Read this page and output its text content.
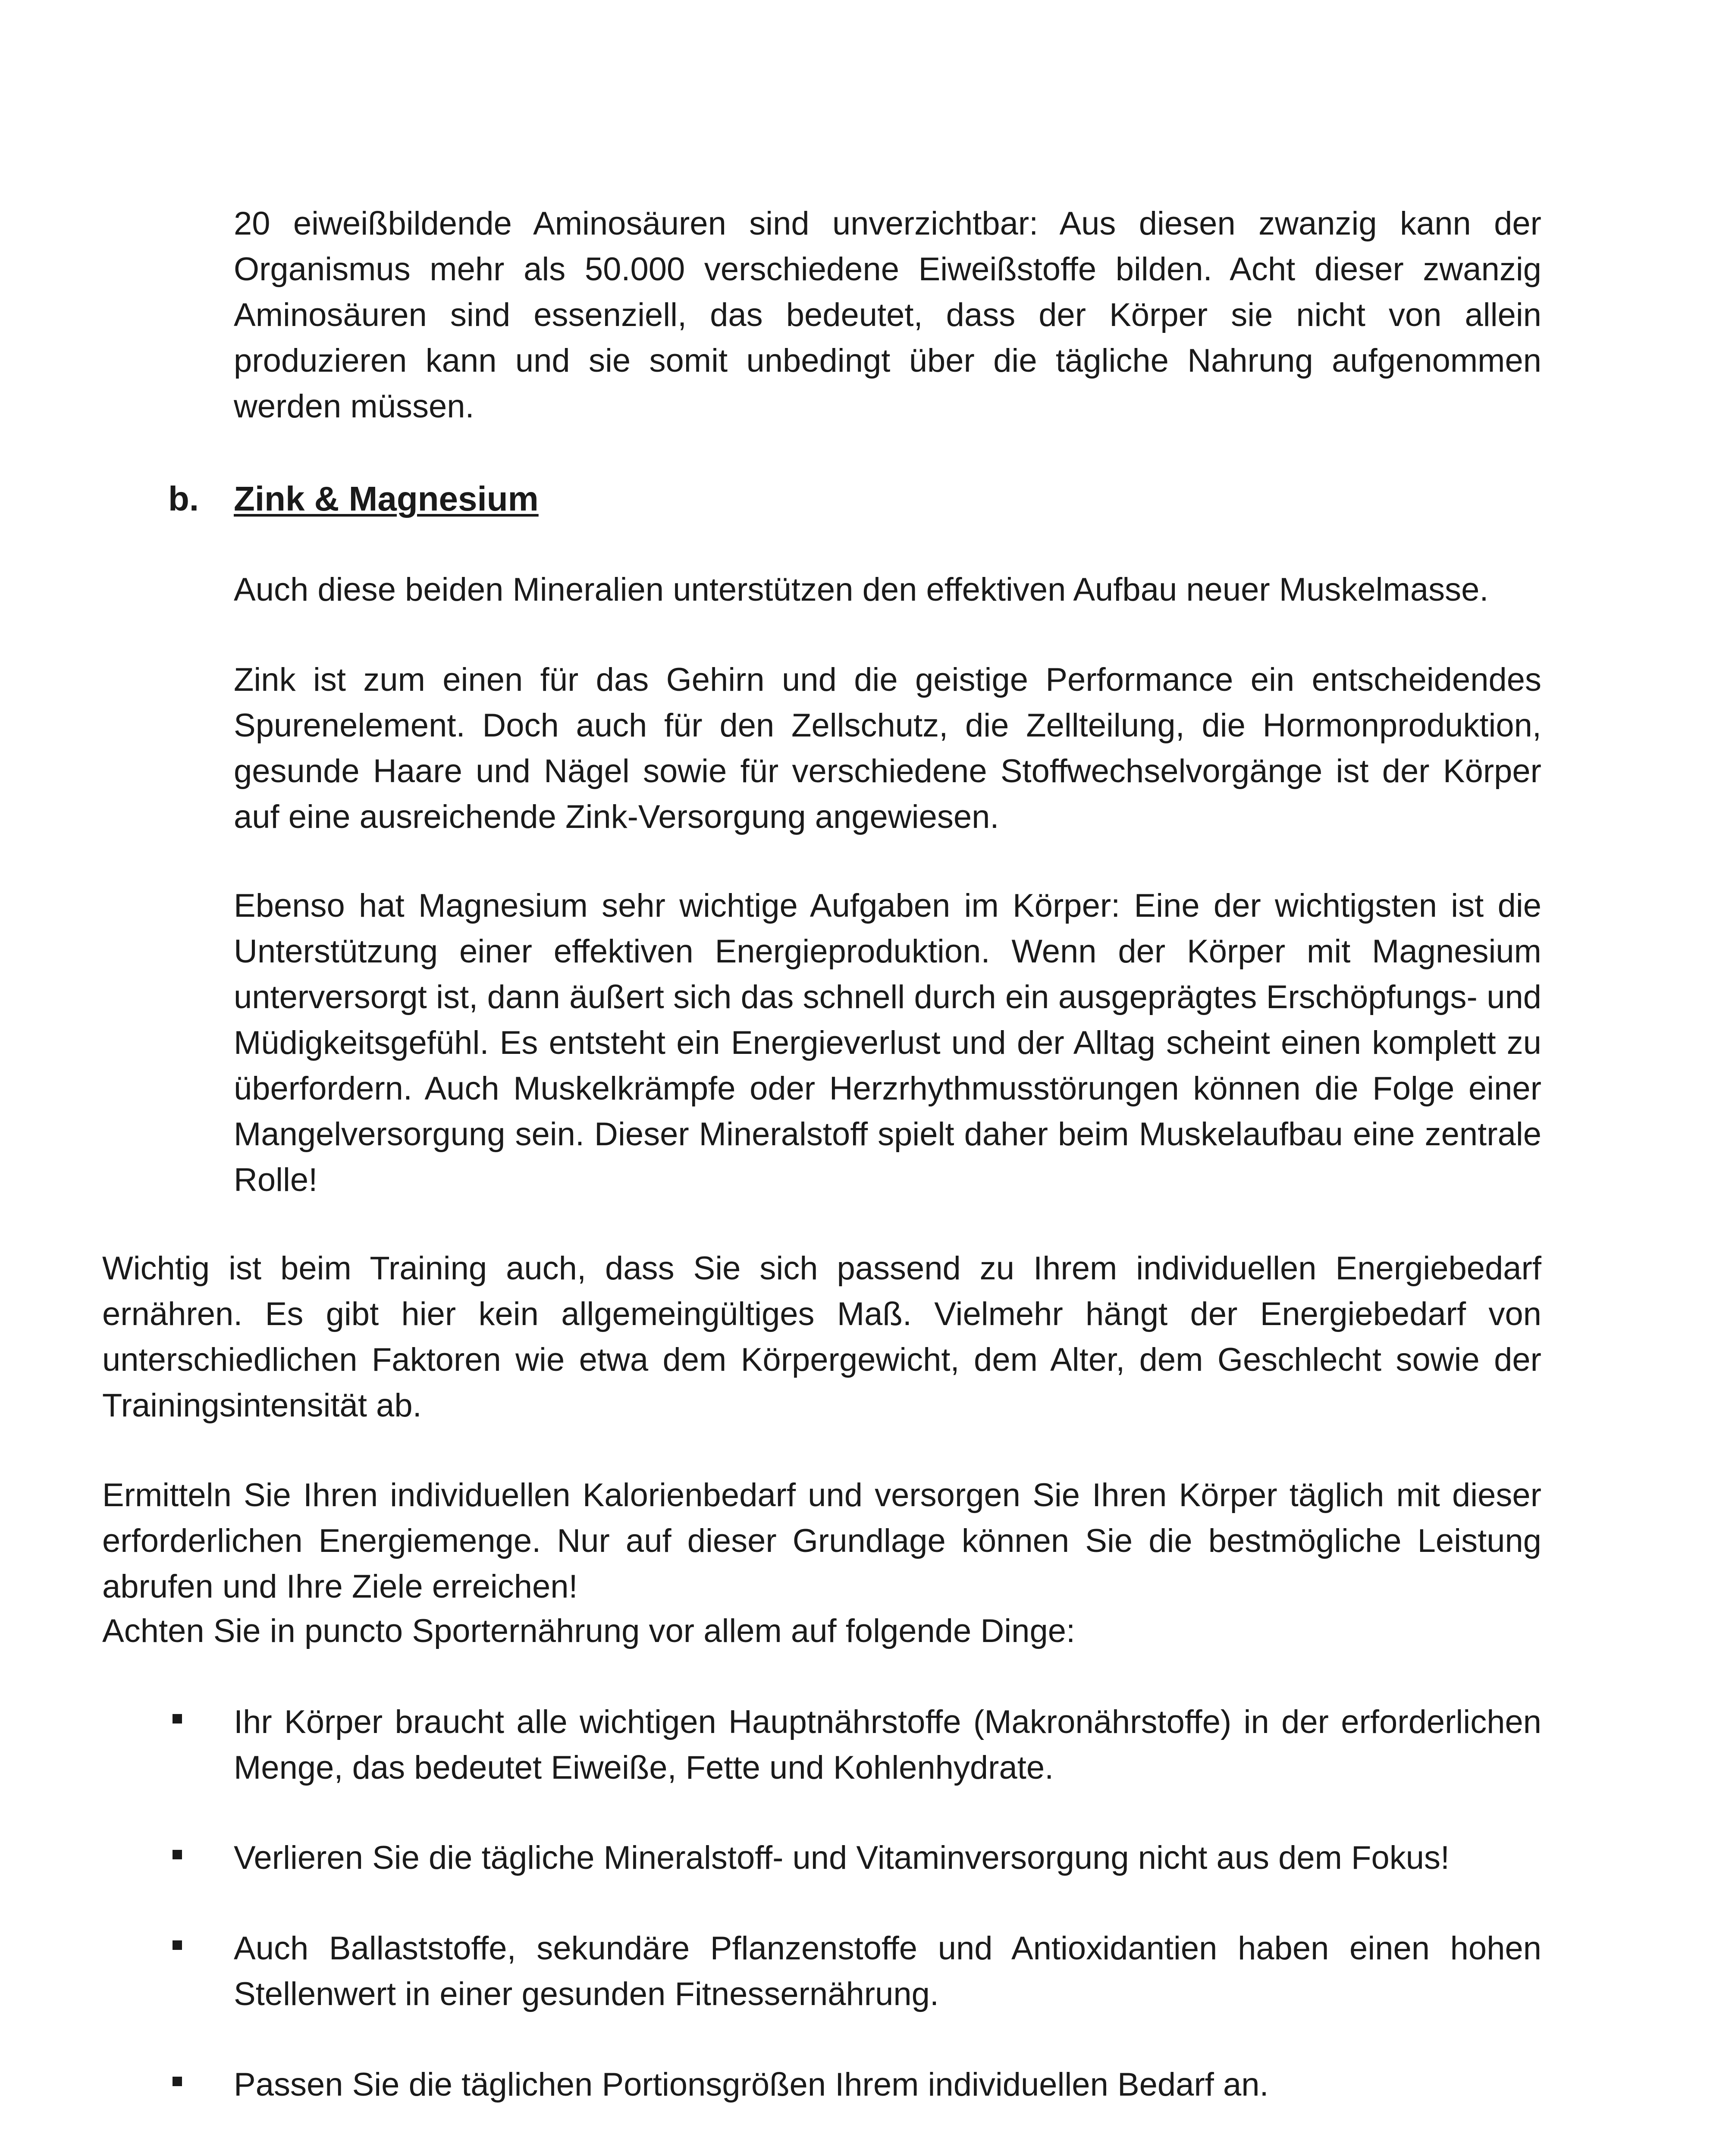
20 eiweißbildende Aminosäuren sind unverzichtbar: Aus diesen zwanzig kann der Organismus mehr als 50.000 verschiedene Eiweißstoffe bilden. Acht dieser zwanzig Aminosäuren sind essenziell, das bedeutet, dass der Körper sie nicht von allein produzieren kann und sie somit unbedingt über die tägliche Nahrung aufgenommen werden müssen.

b. Zink & Magnesium

Auch diese beiden Mineralien unterstützen den effektiven Aufbau neuer Muskelmasse.

Zink ist zum einen für das Gehirn und die geistige Performance ein entscheidendes Spurenelement. Doch auch für den Zellschutz, die Zellteilung, die Hormonproduktion, gesunde Haare und Nägel sowie für verschiedene Stoffwechselvorgänge ist der Körper auf eine ausreichende Zink-Versorgung angewiesen.

Ebenso hat Magnesium sehr wichtige Aufgaben im Körper: Eine der wichtigsten ist die Unterstützung einer effektiven Energieproduktion. Wenn der Körper mit Magnesium unterversorgt ist, dann äußert sich das schnell durch ein ausgeprägtes Erschöpfungs- und Müdigkeitsgefühl. Es entsteht ein Energieverlust und der Alltag scheint einen komplett zu überfordern. Auch Muskelkrämpfe oder Herzrhythmusstörungen können die Folge einer Mangelversorgung sein. Dieser Mineralstoff spielt daher beim Muskelaufbau eine zentrale Rolle!

Wichtig ist beim Training auch, dass Sie sich passend zu Ihrem individuellen Energiebedarf ernähren. Es gibt hier kein allgemeingültiges Maß. Vielmehr hängt der Energiebedarf von unterschiedlichen Faktoren wie etwa dem Körpergewicht, dem Alter, dem Geschlecht sowie der Trainingsintensität ab.

Ermitteln Sie Ihren individuellen Kalorienbedarf und versorgen Sie Ihren Körper täglich mit dieser erforderlichen Energiemenge. Nur auf dieser Grundlage können Sie die bestmögliche Leistung abrufen und Ihre Ziele erreichen!

Achten Sie in puncto Sporternährung vor allem auf folgende Dinge:

Ihr Körper braucht alle wichtigen Hauptnährstoffe (Makronährstoffe) in der erforderlichen Menge, das bedeutet Eiweiße, Fette und Kohlenhydrate.

Verlieren Sie die tägliche Mineralstoff- und Vitaminversorgung nicht aus dem Fokus!

Auch Ballaststoffe, sekundäre Pflanzenstoffe und Antioxidantien haben einen hohen Stellenwert in einer gesunden Fitnessernährung.

Passen Sie die täglichen Portionsgrößen Ihrem individuellen Bedarf an.
